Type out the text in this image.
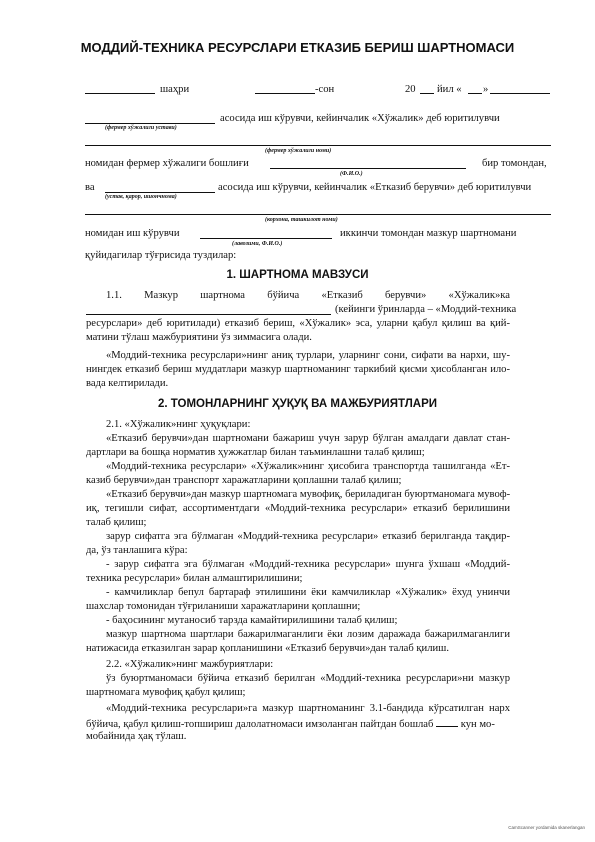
МОДДИЙ-ТЕХНИКА РЕСУРСЛАРИ ЕТКАЗИБ БЕРИШ ШАРТНОМАСИ
шаҳри	-сон	20 йил « »
асосида иш кўрувчи, кейинчалик «Хўжалик» деб юритилувчи
(фермер хўжалиги устави)
(фермер хўжалиги номи)
номидан фермер хўжалиги бошлиғи	бир томондан,
(Ф.И.О.)
ва	асосида иш кўрувчи, кейинчалик «Етказиб берувчи» деб юритилувчи
(устав, қарор, ишончнома)
(корхона, ташкилот номи)
номидан иш кўрувчи	иккинчи томондан мазкур шартномани
(лавозими, Ф.И.О.)
қуйидагилар тўғрисида туздилар:
1. ШАРТНОМА МАВЗУСИ
1.1. Мазкур шартнома бўйича «Етказиб берувчи» «Хўжалик»ка
(кейинги ўринларда – «Моддий-техника
ресурслари» деб юритилади) етказиб бериш, «Хўжалик» эса, уларни қабул қилиш ва қий-
матини тўлаш мажбуриятини ўз зиммасига олади.
«Моддий-техника ресурслари»нинг аниқ турлари, уларнинг сони, сифати ва нархи, шу-
нингдек етказиб бериш муддатлари мазкур шартноманинг таркибий қисми ҳисобланган ило-
вада келтирилади.
2. ТОМОНЛАРНИНГ ҲУҚУҚ ВА МАЖБУРИЯТЛАРИ
2.1. «Хўжалик»нинг ҳуқуқлари:
«Етказиб берувчи»дан шартномани бажариш учун зарур бўлган амалдаги давлат стан-
дартлари ва бошқа норматив ҳужжатлар билан таъминлашни талаб қилиш;
«Моддий-техника ресурслари» «Хўжалик»нинг ҳисобига транспортда ташилганда «Ет-
казиб берувчи»дан транспорт харажатларини қоплашни талаб қилиш;
«Етказиб берувчи»дан мазкур шартномага мувофиқ, бериладиган буюртманомага мувоф-
иқ, тегишли сифат, ассортиментдаги «Моддий-техника ресурслари» етказиб берилишини
талаб қилиш;
зарур сифатга эга бўлмаган «Моддий-техника ресурслари» етказиб берилганда тақдир-
да, ўз танлашига кўра:
- зарур сифатга эга бўлмаган «Моддий-техника ресурслари» шунга ўхшаш «Моддий-
техника ресурслари» билан алмаштирилишини;
- камчиликлар бепул бартараф этилишини ёки камчиликлар «Хўжалик» ёхуд унинчи
шахслар томонидан тўғриланиши харажатларини қоплашни;
- баҳосининг мутаносиб тарзда камайтирилишини талаб қилиш;
мазкур шартнома шартлари бажарилмаганлиги ёки лозим даражада бажарилмаганлиги
натижасида етказилган зарар қопланишини «Етказиб берувчи»дан талаб қилиш.
2.2. «Хўжалик»нинг мажбуриятлари:
ўз буюртманомаси бўйича етказиб берилган «Моддий-техника ресурслари»ни мазкур
шартномага мувофиқ қабул қилиш;
«Моддий-техника ресурслари»га мазкур шартноманинг 3.1-бандида кўрсатилган нарх
бўйича, қабул қилиш-топшириш далолатномаси имзоланган пайтдан бошлаб	кун мо-
мобайнида ҳақ тўлаш.
CamScanner yordamida skanerlangan
